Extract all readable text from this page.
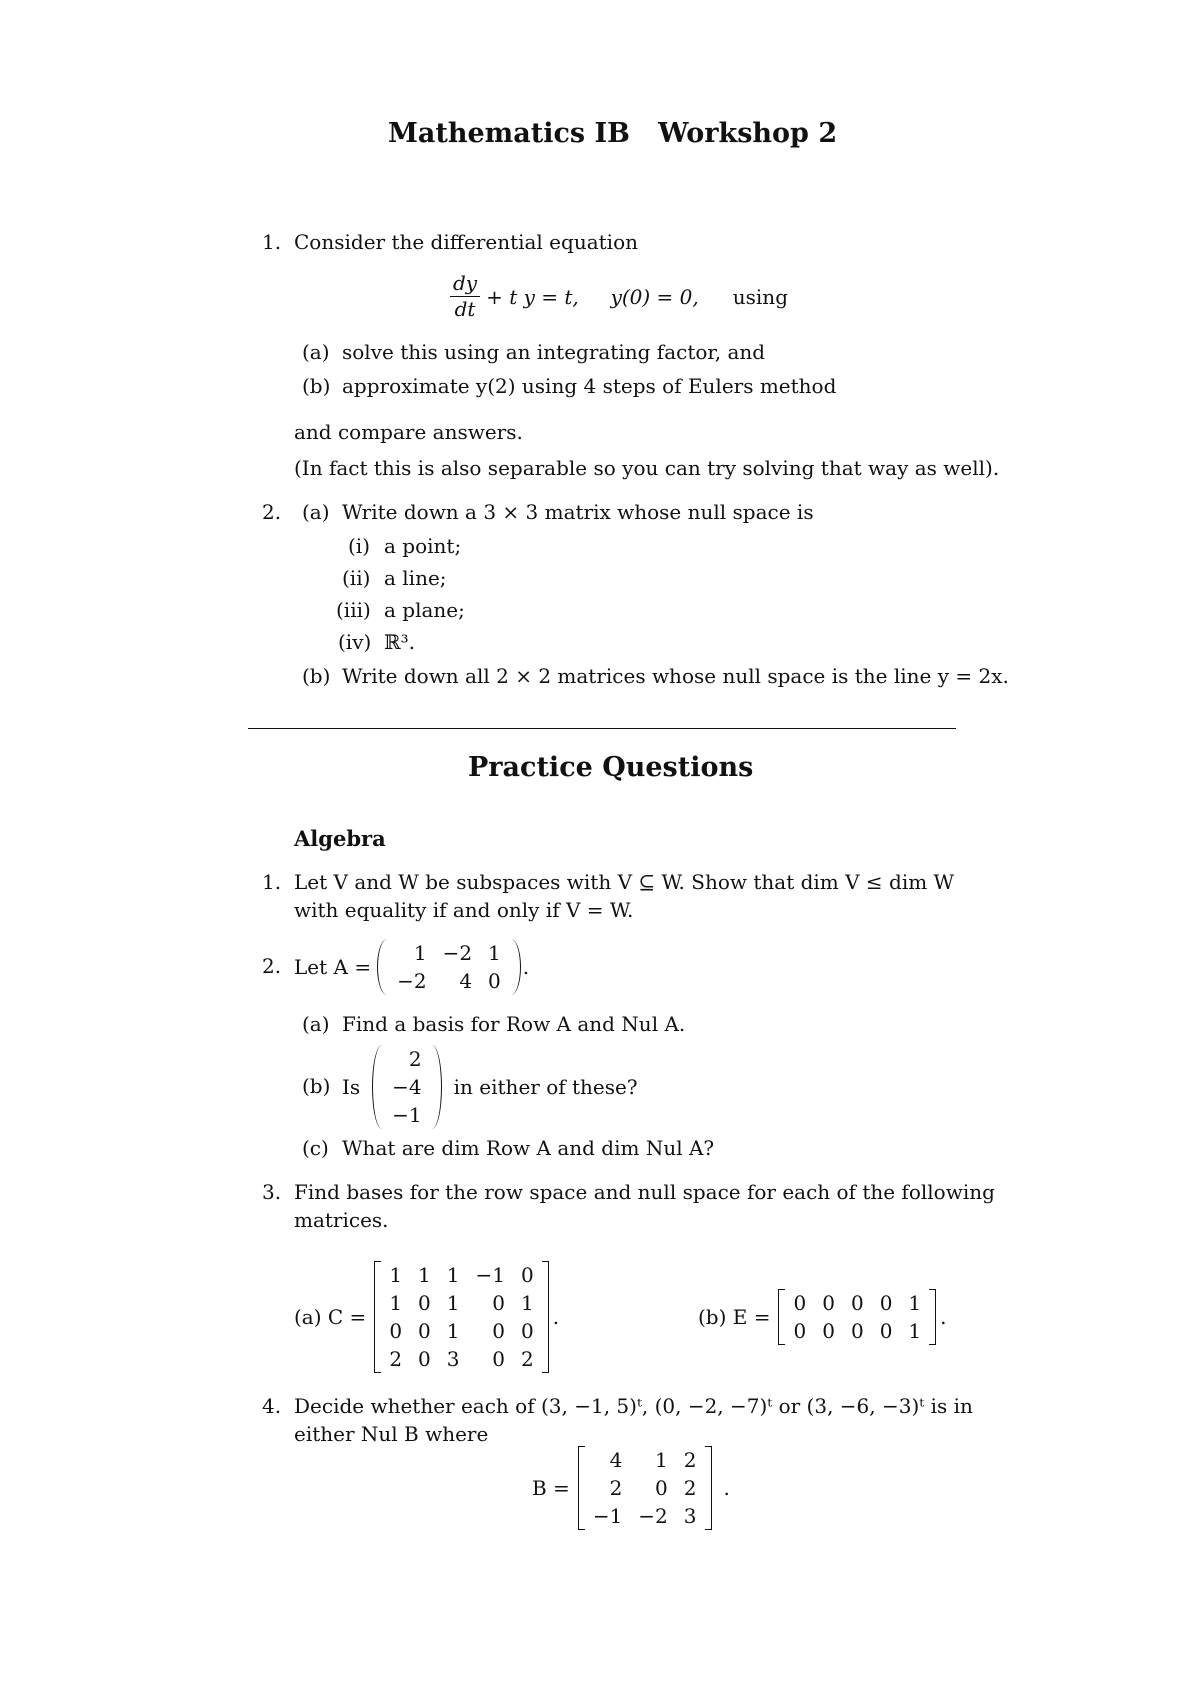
Mathematics IB   Workshop 2
1. Consider the differential equation
$\frac{dy}{dt} + t$ y = t,     y(0) = 0, using
(a) solve this using an integrating factor, and
(b) approximate y(2) using 4 steps of Eulers method
and compare answers.
(In fact this is also separable so you can try solving that way as well).
2. (a) Write down a 3 × 3 matrix whose null space is
(i) a point;
(ii) a line;
(iii) a plane;
(iv) ℝ³.
(b) Write down all 2 × 2 matrices whose null space is the line y = 2x.
Practice Questions
Algebra
1. Let V and W be subspaces with V ⊆ W. Show that dim V ≤ dim W
with equality if and only if V = W.
2. Let A =
1	−2	1
−2	4	0
.
(a) Find a basis for Row A and Nul A.
(b) Is
2
−4
−1
in either of these?
(c) What are dim Row A and dim Nul A?
3. Find bases for the row space and null space for each of the following
matrices.
(a) C =
1	1	1	−1	0
1	0	1	0	1
0	0	1	0	0
2	0	3	0	2
.	(b) E =
0	0	0	0	1
0	0	0	0	1
.
4. Decide whether each of (3, −1, 5)ᵗ, (0, −2, −7)ᵗ or (3, −6, −3)ᵗ is in
either Nul B where
B =
4	1	2
2	0	2
−1	−2	3
.
